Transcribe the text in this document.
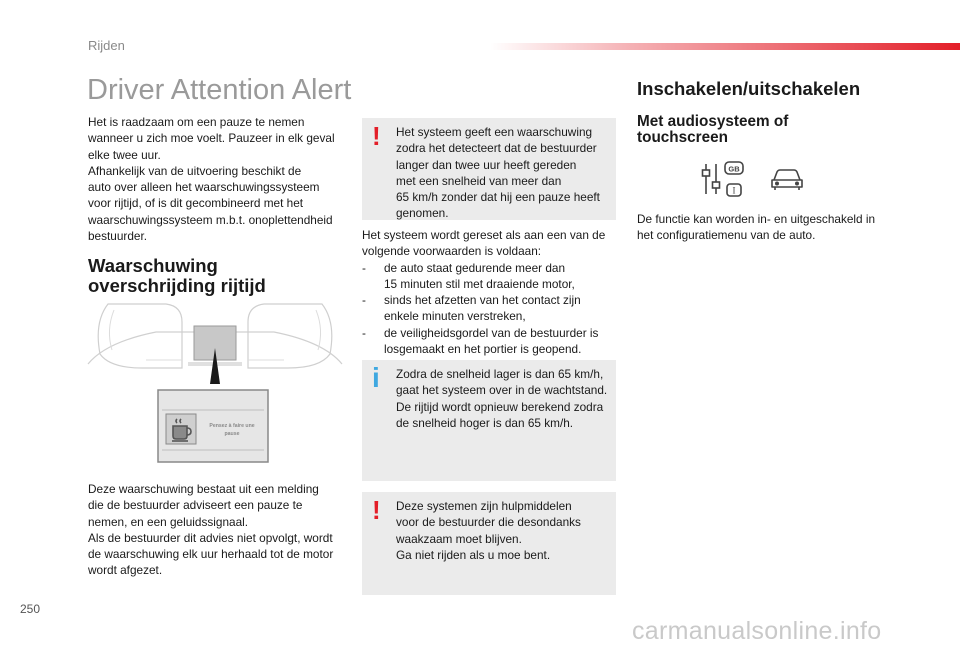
Rijden
Driver Attention Alert

Het is raadzaam om een pauze te nemen
wanneer u zich moe voelt. Pauzeer in elk geval
elke twee uur.
Afhankelijk van de uitvoering beschikt de
auto over alleen het waarschuwingssysteem
voor rijtijd, of is dit gecombineerd met het
waarschuwingssysteem m.b.t. onoplettendheid
bestuurder.

Waarschuwing
overschrijding rijtijd
Pensez à faire une
pause

Deze waarschuwing bestaat uit een melding
die de bestuurder adviseert een pauze te
nemen, en een geluidssignaal.
Als de bestuurder dit advies niet opvolgt, wordt
de waarschuwing elk uur herhaald tot de motor
wordt afgezet.

! Het systeem geeft een waarschuwing
zodra het detecteert dat de bestuurder
langer dan twee uur heeft gereden
met een snelheid van meer dan
65 km/h zonder dat hij een pauze heeft
genomen.

Het systeem wordt gereset als aan een van de
volgende voorwaarden is voldaan:
- de auto staat gedurende meer dan
15 minuten stil met draaiende motor,
- sinds het afzetten van het contact zijn
enkele minuten verstreken,
- de veiligheidsgordel van de bestuurder is
losgemaakt en het portier is geopend.
i Zodra de snelheid lager is dan 65 km/h,
gaat het systeem over in de wachtstand.
De rijtijd wordt opnieuw berekend zodra
de snelheid hoger is dan 65 km/h.

! Deze systemen zijn hulpmiddelen
voor de bestuurder die desondanks
waakzaam moet blijven.
Ga niet rijden als u moe bent.

Inschakelen/uitschakelen
Met audiosysteem of
touchscreen
GB
I

De functie kan worden in- en uitgeschakeld in
het configuratiemenu van de auto.

250
carmanualsonline.info
